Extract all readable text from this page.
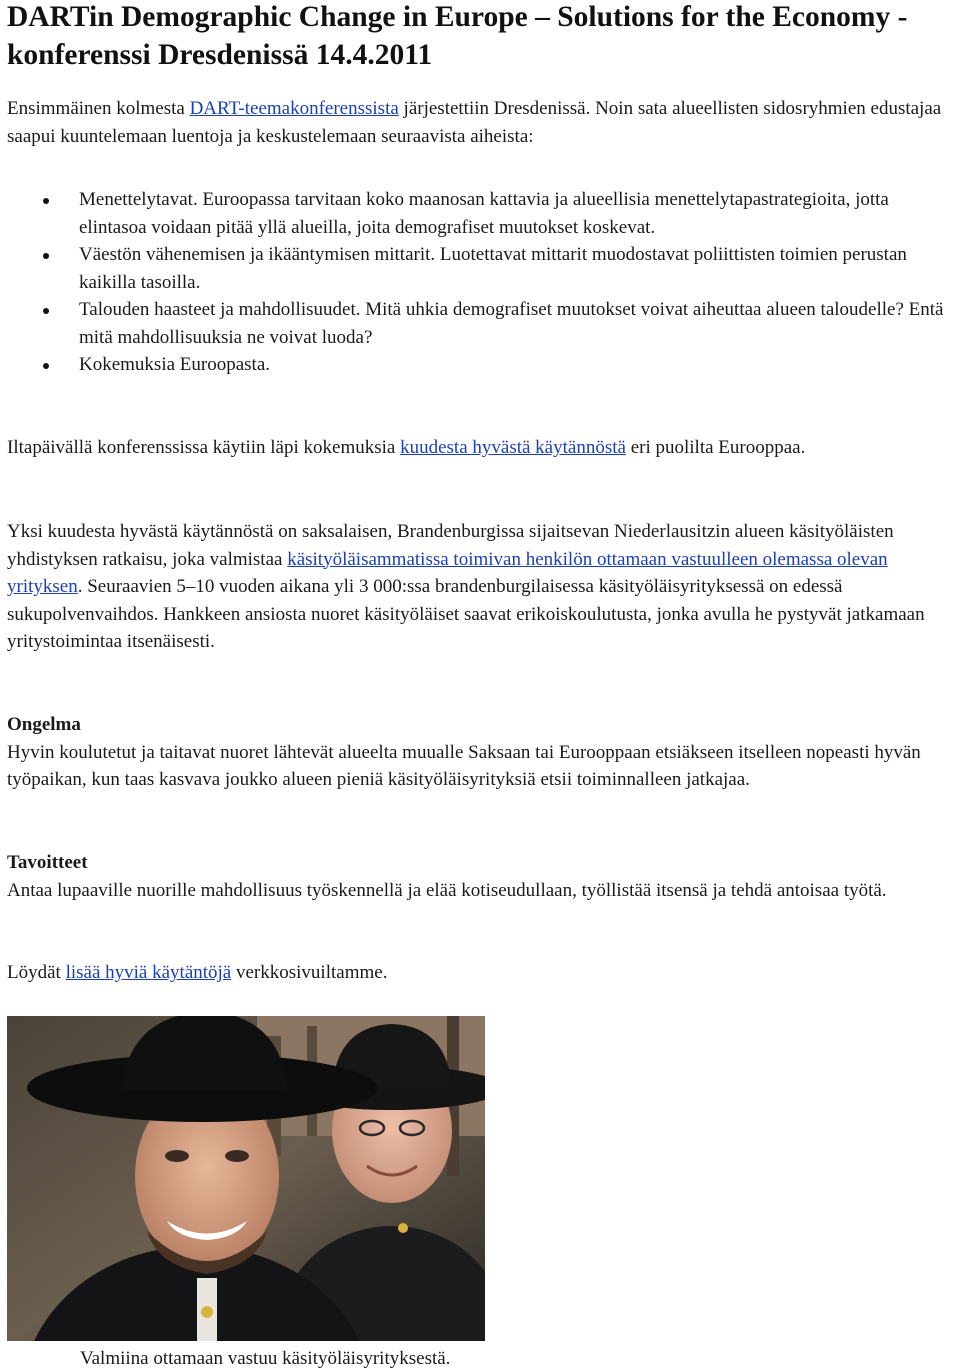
DARTin Demographic Change in Europe – Solutions for the Economy -konferenssi Dresdenissä 14.4.2011

Ensimmäinen kolmesta DART-teemakonferenssista järjestettiin Dresdenissä. Noin sata alueellisten sidosryhmien edustajaa saapui kuuntelemaan luentoja ja keskustelemaan seuraavista aiheista:

Menettelytavat. Euroopassa tarvitaan koko maanosan kattavia ja alueellisia menettelytapastrategioita, jotta elintasoa voidaan pitää yllä alueilla, joita demografiset muutokset koskevat.
Väestön vähenemisen ja ikääntymisen mittarit. Luotettavat mittarit muodostavat poliittisten toimien perustan kaikilla tasoilla.
Talouden haasteet ja mahdollisuudet. Mitä uhkia demografiset muutokset voivat aiheuttaa alueen taloudelle? Entä mitä mahdollisuuksia ne voivat luoda?
Kokemuksia Euroopasta.

Iltapäivällä konferenssissa käytiin läpi kokemuksia kuudesta hyvästä käytännöstä eri puolilta Eurooppaa.

Yksi kuudesta hyvästä käytännöstä on saksalaisen, Brandenburgissa sijaitsevan Niederlausitzin alueen käsityöläisten yhdistyksen ratkaisu, joka valmistaa käsityöläisammatissa toimivan henkilön ottamaan vastuulleen olemassa olevan yrityksen. Seuraavien 5–10 vuoden aikana yli 3 000:ssa brandenburgilaisessa käsityöläisyrityksessä on edessä sukupolvenvaihdos. Hankkeen ansiosta nuoret käsityöläiset saavat erikoiskoulutusta, jonka avulla he pystyvät jatkamaan yritystoimintaa itsenäisesti.

Ongelma
Hyvin koulutetut ja taitavat nuoret lähtevät alueelta muualle Saksaan tai Eurooppaan etsiäkseen itselleen nopeasti hyvän työpaikan, kun taas kasvava joukko alueen pieniä käsityöläisyrityksiä etsii toiminnalleen jatkajaa.

Tavoitteet
Antaa lupaaville nuorille mahdollisuus työskennellä ja elää kotiseudullaan, työllistää itsensä ja tehdä antoisaa työtä.

Löydät lisää hyviä käytäntöjä verkkosivuiltamme.

Valmiina ottamaan vastuu käsityöläisyrityksestä.
